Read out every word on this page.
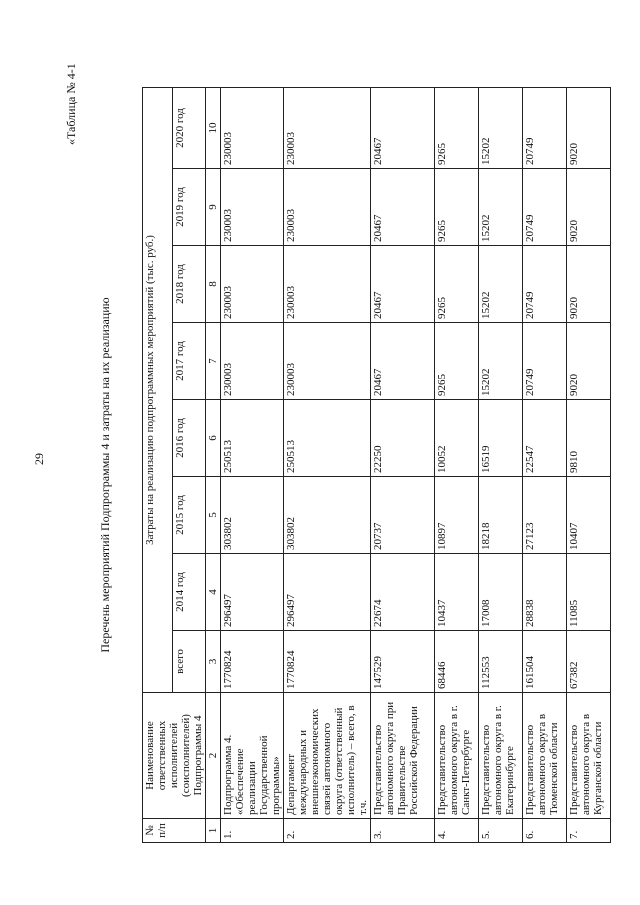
29
«Таблица № 4-1
Перечень мероприятий Подпрограммы 4 и затраты на их реализацию
№ п/п	Наименование ответственных исполнителей (соисполнителей) Подпрограммы 4	Затраты на реализацию подпрограммных мероприятий (тыс. руб.)							
		всего	2014 год	2015 год	2016 год	2017 год	2018 год	2019 год	2020 год
1	2	3	4	5	6	7	8	9	10
1.	Подпрограмма 4. «Обеспечение реализации Государственной программы»	1770824	296497	303802	250513	230003	230003	230003	230003
2.	Департамент международных и внешнеэкономических связей автономного округа (ответственный исполнитель) – всего, в т.ч.	1770824	296497	303802	250513	230003	230003	230003	230003
3.	Представительство автономного округа при Правительстве Российской Федерации	147529	22674	20737	22250	20467	20467	20467	20467
4.	Представительство автономного округа в г. Санкт-Петербурге	68446	10437	10897	10052	9265	9265	9265	9265
5.	Представительство автономного округа в г. Екатеринбурге	112553	17008	18218	16519	15202	15202	15202	15202
6.	Представительство автономного округа в Тюменской области	161504	28838	27123	22547	20749	20749	20749	20749
7.	Представительство автономного округа в Курганской области	67382	11085	10407	9810	9020	9020	9020	9020
